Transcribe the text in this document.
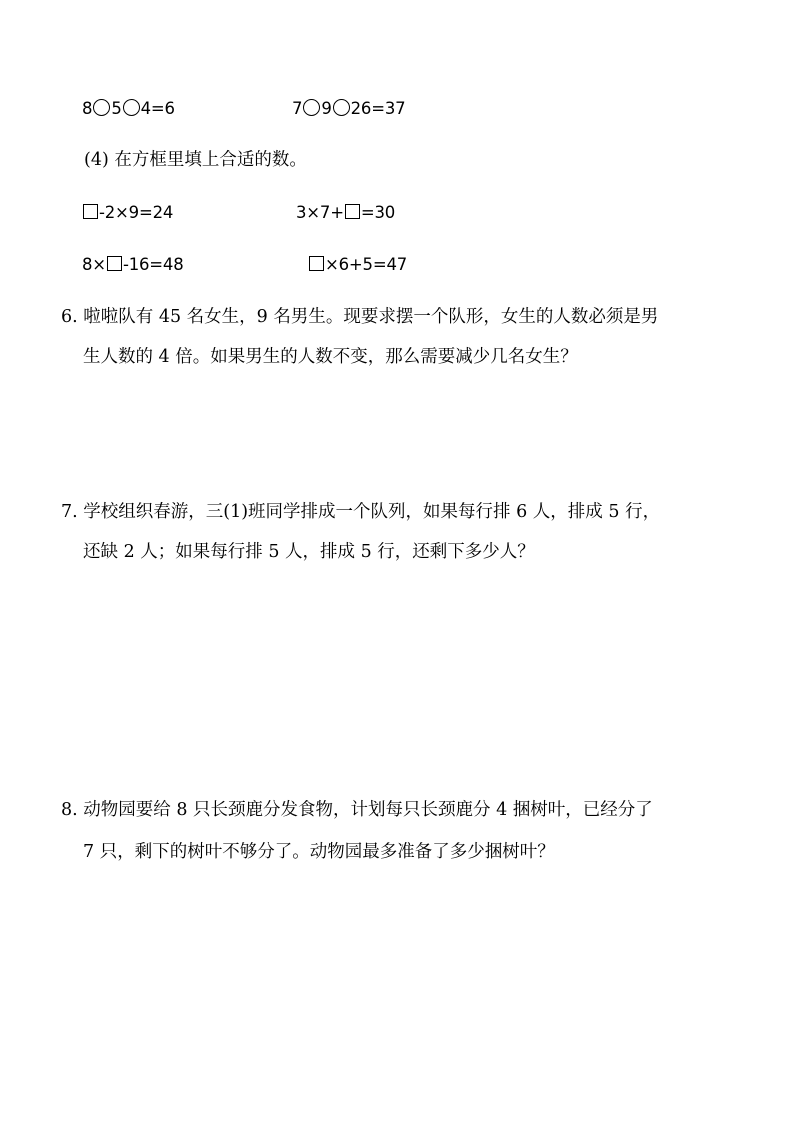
8 5 4=6	7 9 26=37
(4) 在方框里填上合适的数。
-2×9=24	3×7+ =30
8× -16=48	×6+5=47
6. 啦啦队有 45 名女生，9 名男生。现要求摆一个队形，女生的人数必须是男
生人数的 4 倍。如果男生的人数不变，那么需要减少几名女生？
7. 学校组织春游，三(1)班同学排成一个队列，如果每行排 6 人，排成 5 行，
还缺 2 人；如果每行排 5 人，排成 5 行，还剩下多少人？
8. 动物园要给 8 只长颈鹿分发食物，计划每只长颈鹿分 4 捆树叶，已经分了
7 只，剩下的树叶不够分了。动物园最多准备了多少捆树叶？
